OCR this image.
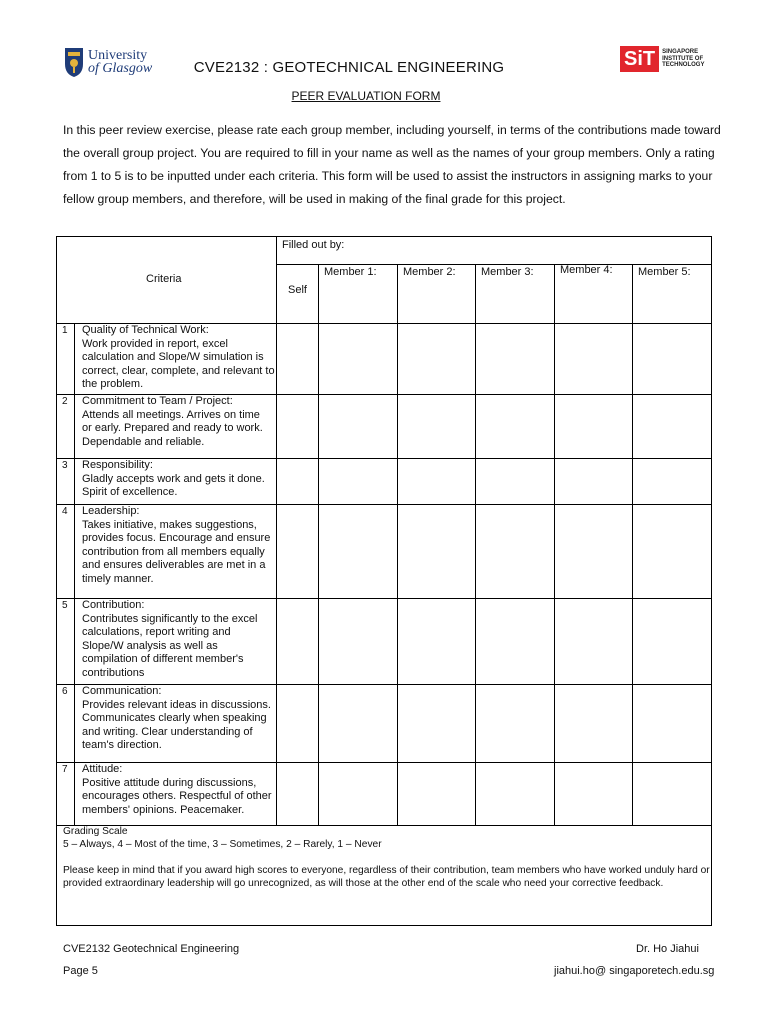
University
of Glasgow	SiT	SINGAPORE
INSTITUTE OF
TECHNOLOGY
CVE2132 : GEOTECHNICAL ENGINEERING
PEER EVALUATION FORM
In this peer review exercise, please rate each group member, including yourself, in terms of the contributions made toward the overall group project. You are required to fill in your name as well as the names of your group members. Only a rating from 1 to 5 is to be inputted under each criteria. This form will be used to assist the instructors in assigning marks to your fellow group members, and therefore, will be used in making of the final grade for this project.
Filled out by:
Criteria
Self
Member 1: Member 2: Member 3: Member 4: Member 5:
1 Quality of Technical Work:
Work provided in report, excel
calculation and Slope/W simulation is
correct, clear, complete, and relevant to
the problem.
2 Commitment to Team / Project:
Attends all meetings. Arrives on time
or early. Prepared and ready to work.
Dependable and reliable.
3 Responsibility:
Gladly accepts work and gets it done.
Spirit of excellence.
4 Leadership:
Takes initiative, makes suggestions,
provides focus. Encourage and ensure
contribution from all members equally
and ensures deliverables are met in a
timely manner.
5 Contribution:
Contributes significantly to the excel
calculations, report writing and
Slope/W analysis as well as
compilation of different member's
contributions
6 Communication:
Provides relevant ideas in discussions.
Communicates clearly when speaking
and writing. Clear understanding of
team's direction.
7 Attitude:
Positive attitude during discussions,
encourages others. Respectful of other
members' opinions. Peacemaker.
Grading Scale
5 – Always, 4 – Most of the time, 3 – Sometimes, 2 – Rarely, 1 – Never
Please keep in mind that if you award high scores to everyone, regardless of their contribution, team members who have worked unduly hard or provided extraordinary leadership will go unrecognized, as will those at the other end of the scale who need your corrective feedback.
CVE2132 Geotechnical Engineering
Page 5
Dr. Ho Jiahui
jiahui.ho@ singaporetech.edu.sg
